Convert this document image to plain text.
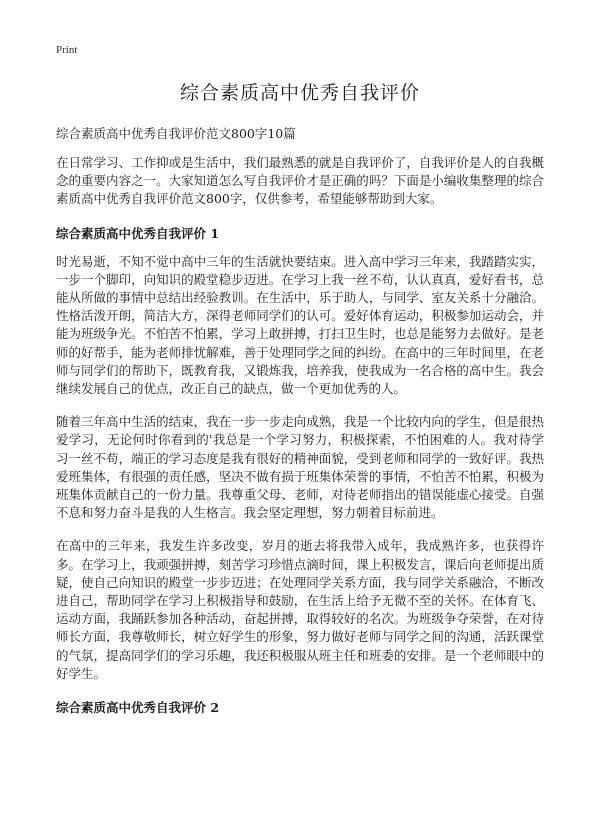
Print

综合素质高中优秀自我评价

综合素质高中优秀自我评价范文800字10篇

在日常学习、工作抑或是生活中，我们最熟悉的就是自我评价了，自我评价是人的自我概念的重要内容之一。大家知道怎么写自我评价才是正确的吗？下面是小编收集整理的综合素质高中优秀自我评价范文800字，仅供参考，希望能够帮助到大家。

综合素质高中优秀自我评价 1

时光易逝，不知不觉中高中三年的生活就快要结束。进入高中学习三年来，我踏踏实实，一步一个脚印，向知识的殿堂稳步迈进。在学习上我一丝不苟，认认真真，爱好看书，总能从所做的事情中总结出经验教训。在生活中，乐于助人，与同学、室友关系十分融洽。性格活泼开朗，简洁大方，深得老师同学们的认可。爱好体育运动，积极参加运动会，并能为班级争光。不怕苦不怕累，学习上敢拼搏，打扫卫生时，也总是能努力去做好。是老师的好帮手，能为老师排忧解难，善于处理同学之间的纠纷。在高中的三年时间里，在老师与同学们的帮助下，既教育我，又锻炼我，培养我，使我成为一名合格的高中生。我会继续发展自己的优点，改正自己的缺点，做一个更加优秀的人。

随着三年高中生活的结束，我在一步一步走向成熟，我是一个比较内向的学生，但是很热爱学习，无论何时你看到的'我总是一个学习努力，积极探索，不怕困难的人。我对待学习一丝不苟，端正的学习态度是我有很好的精神面貌，受到老师和同学的一致好评。我热爱班集体，有很强的责任感，坚决不做有损于班集体荣誉的事情，不怕苦不怕累，积极为班集体贡献自己的一份力量。我尊重父母、老师，对待老师指出的错误能虚心接受。自强不息和努力奋斗是我的人生格言。我会坚定理想，努力朝着目标前进。

在高中的三年来，我发生许多改变，岁月的逝去将我带入成年，我成熟许多，也获得许多。在学习上，我顽强拼搏，刻苦学习珍惜点滴时间，课上积极发言，课后向老师提出质疑，使自己向知识的殿堂一步步迈进；在处理同学关系方面，我与同学关系融洽，不断改进自己，帮助同学在学习上积极指导和鼓励，在生活上给予无微不至的关怀。在体育飞、运动方面，我踊跃参加各种活动，奋起拼搏，取得较好的名次。为班级争夺荣誉，在对待师长方面，我尊敬师长，树立好学生的形象，努力做好老师与同学之间的沟通，活跃课堂的气氛，提高同学们的学习乐趣，我还积极服从班主任和班委的安排。是一个老师眼中的好学生。

综合素质高中优秀自我评价 2
